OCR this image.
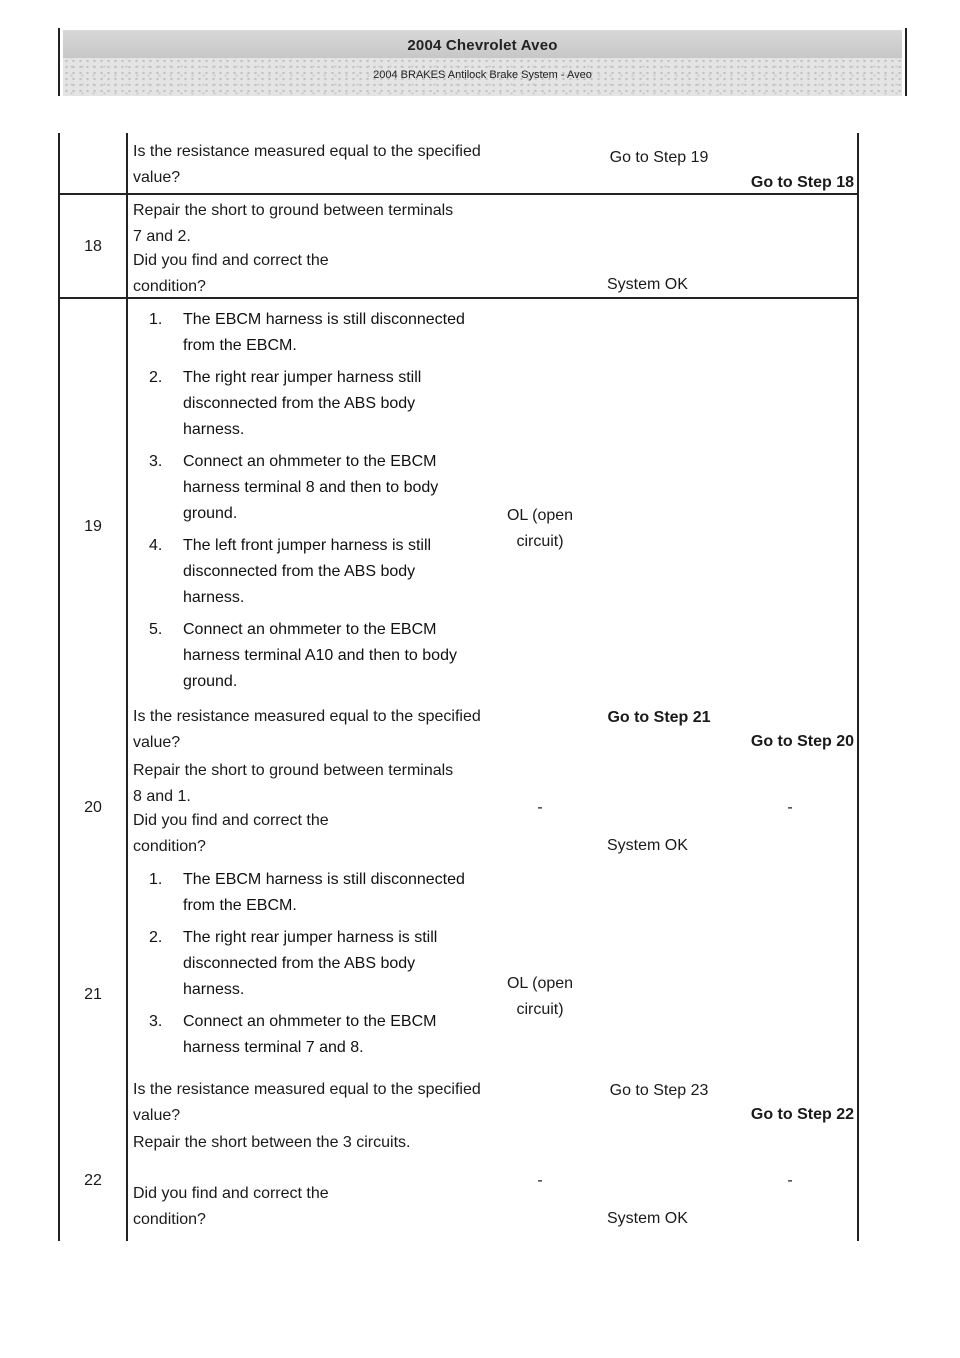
2004 Chevrolet Aveo
2004 BRAKES Antilock Brake System - Aveo
Is the resistance measured equal to the specified value?
Go to Step 19
Go to Step 18
18
Repair the short to ground between terminals 7 and 2.
Did you find and correct the condition?	System OK
19
1. The EBCM harness is still disconnected from the EBCM.
2. The right rear jumper harness still disconnected from the ABS body harness.
3. Connect an ohmmeter to the EBCM harness terminal 8 and then to body ground.
4. The left front jumper harness is still disconnected from the ABS body harness.
5. Connect an ohmmeter to the EBCM harness terminal A10 and then to body ground.
OL (open circuit)
Is the resistance measured equal to the specified value?
Go to Step 21
Go to Step 20
20
Repair the short to ground between terminals 8 and 1.
Did you find and correct the condition?
-
System OK
-
21
1. The EBCM harness is still disconnected from the EBCM.
2. The right rear jumper harness is still disconnected from the ABS body harness.
3. Connect an ohmmeter to the EBCM harness terminal 7 and 8.
OL (open circuit)
Is the resistance measured equal to the specified value?
Go to Step 23
Go to Step 22
22
Repair the short between the 3 circuits.
Did you find and correct the condition?
-
System OK
-
